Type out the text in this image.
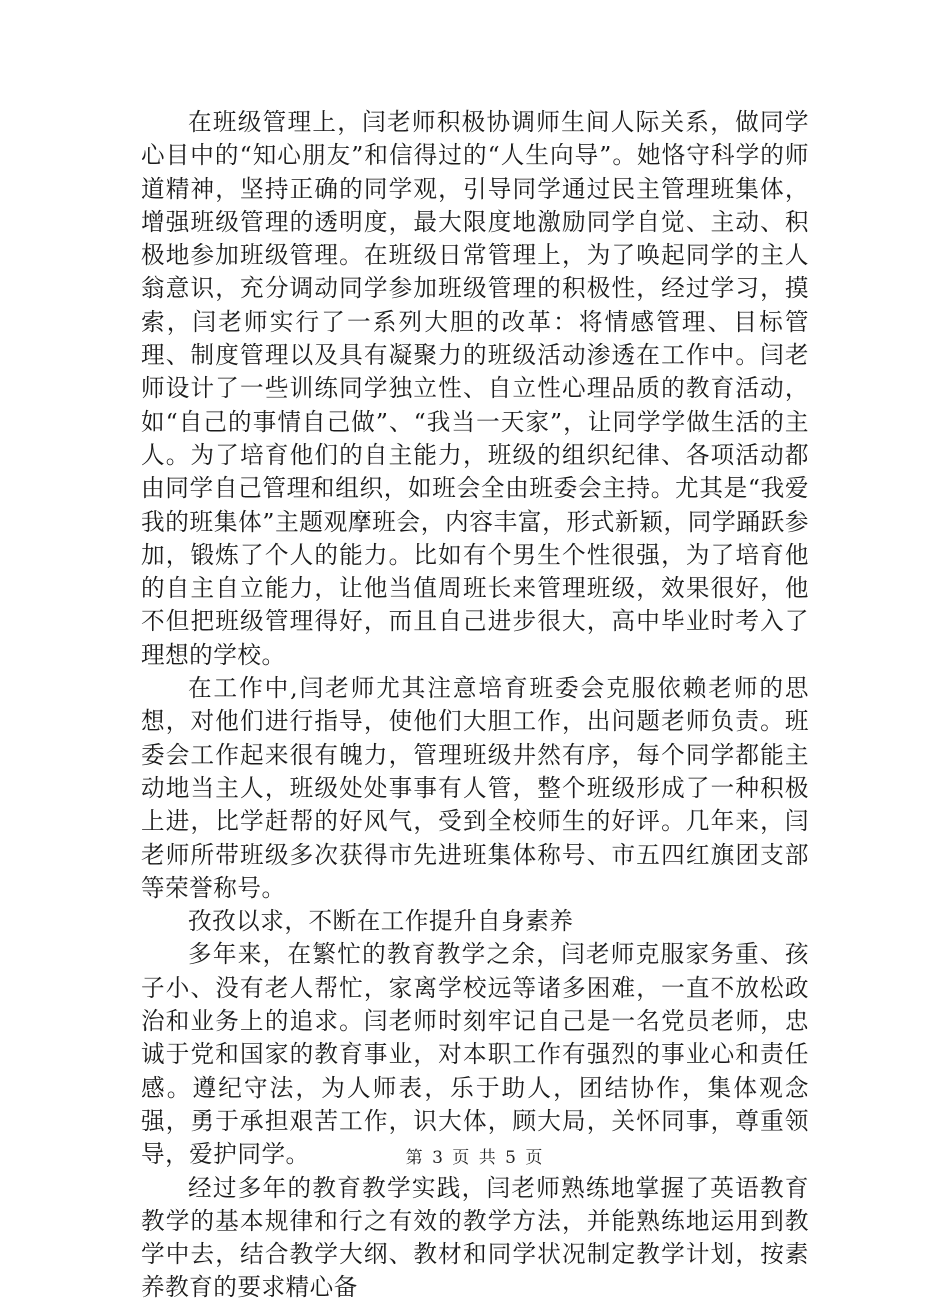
在班级管理上，闫老师积极协调师生间人际关系，做同学心目中的“知心朋友”和信得过的“人生向导”。她恪守科学的师道精神，坚持正确的同学观，引导同学通过民主管理班集体，增强班级管理的透明度，最大限度地激励同学自觉、主动、积极地参加班级管理。在班级日常管理上，为了唤起同学的主人翁意识，充分调动同学参加班级管理的积极性，经过学习，摸索，闫老师实行了一系列大胆的改革：将情感管理、目标管理、制度管理以及具有凝聚力的班级活动渗透在工作中。闫老师设计了一些训练同学独立性、自立性心理品质的教育活动，如“自己的事情自己做”、“我当一天家”，让同学学做生活的主人。为了培育他们的自主能力，班级的组织纪律、各项活动都由同学自己管理和组织，如班会全由班委会主持。尤其是“我爱我的班集体”主题观摩班会，内容丰富，形式新颖，同学踊跃参加，锻炼了个人的能力。比如有个男生个性很强，为了培育他的自主自立能力，让他当值周班长来管理班级，效果很好，他不但把班级管理得好，而且自己进步很大，高中毕业时考入了理想的学校。

在工作中,闫老师尤其注意培育班委会克服依赖老师的思想，对他们进行指导，使他们大胆工作，出问题老师负责。班委会工作起来很有魄力，管理班级井然有序，每个同学都能主动地当主人，班级处处事事有人管，整个班级形成了一种积极上进，比学赶帮的好风气，受到全校师生的好评。几年来，闫老师所带班级多次获得市先进班集体称号、市五四红旗团支部等荣誉称号。

孜孜以求，不断在工作提升自身素养

多年来，在繁忙的教育教学之余，闫老师克服家务重、孩子小、没有老人帮忙，家离学校远等诸多困难，一直不放松政治和业务上的追求。闫老师时刻牢记自己是一名党员老师，忠诚于党和国家的教育事业，对本职工作有强烈的事业心和责任感。遵纪守法，为人师表，乐于助人，团结协作，集体观念强，勇于承担艰苦工作，识大体，顾大局，关怀同事，尊重领导，爱护同学。

经过多年的教育教学实践，闫老师熟练地掌握了英语教育教学的基本规律和行之有效的教学方法，并能熟练地运用到教学中去，结合教学大纲、教材和同学状况制定教学计划，按素养教育的要求精心备

第 3 页 共 5 页
